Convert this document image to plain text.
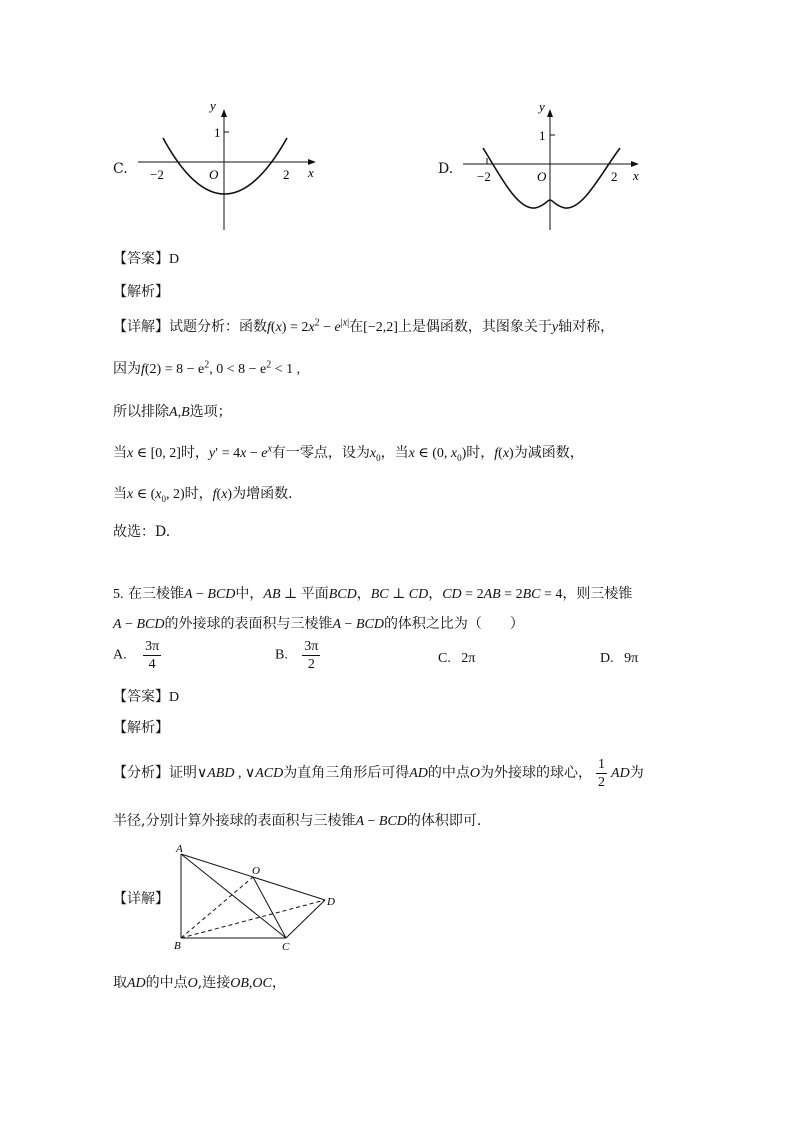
C.
y
1
−2	O	2 x	D.
y
1
−2	O	2 x
【答案】D
【解析】
【详解】试题分析：函数$f(x) = 2x^2 - e^{|x|}$在[−2,2]上是偶函数，其图象关于y轴对称，
因为$f(2) = 8 - e^2$, $0 < 8 - e^2 < 1$ ,
所以排除A,B选项；
当x ∈ [0, 2]时，$y' = 4x - e^x$有一零点，设为$x_0$，当x ∈ (0, $x_0$)时，f(x)为减函数，
当x ∈ ($x_0$, 2)时，f(x)为增函数．
故选：D.
5. 在三棱锥A − BCD中，AB ⊥ 平面BCD，BC ⊥ CD，CD = 2AB = 2BC = 4，则三棱锥
A − BCD的外接球的表面积与三棱锥A − BCD的体积之比为（　　）
A. $\frac{3\pi}{4}$	B. $\frac{3\pi}{2}$	C. 2π	D. 9π
【答案】D
【解析】
【分析】证明∨ABD , ∨ACD为直角三角形后可得AD的中点O为外接球的球心， $\frac{1}{2}$ AD为
半径,分别计算外接球的表面积与三棱锥A − BCD的体积即可.
【详解】
A
B	C
D
O
取AD的中点O,连接OB,OC，
